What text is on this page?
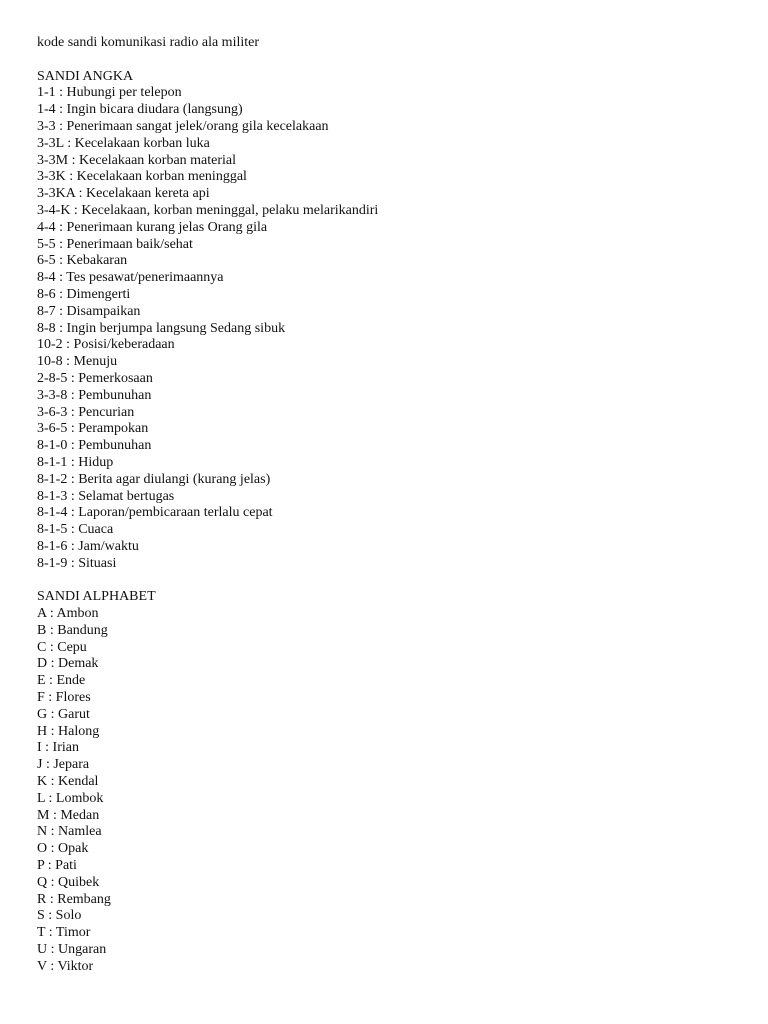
kode sandi komunikasi radio ala militer
SANDI ANGKA
1-1 : Hubungi per telepon
1-4 : Ingin bicara diudara (langsung)
3-3 : Penerimaan sangat jelek/orang gila kecelakaan
3-3L : Kecelakaan korban luka
3-3M : Kecelakaan korban material
3-3K : Kecelakaan korban meninggal
3-3KA : Kecelakaan kereta api
3-4-K : Kecelakaan, korban meninggal, pelaku melarikandiri
4-4 : Penerimaan kurang jelas Orang gila
5-5 : Penerimaan baik/sehat
6-5 : Kebakaran
8-4 : Tes pesawat/penerimaannya
8-6 : Dimengerti
8-7 : Disampaikan
8-8 : Ingin berjumpa langsung Sedang sibuk
10-2 : Posisi/keberadaan
10-8 : Menuju
2-8-5 : Pemerkosaan
3-3-8 : Pembunuhan
3-6-3 : Pencurian
3-6-5 : Perampokan
8-1-0 : Pembunuhan
8-1-1 : Hidup
8-1-2 : Berita agar diulangi (kurang jelas)
8-1-3 : Selamat bertugas
8-1-4 : Laporan/pembicaraan terlalu cepat
8-1-5 : Cuaca
8-1-6 : Jam/waktu
8-1-9 : Situasi
SANDI ALPHABET
A : Ambon
B : Bandung
C : Cepu
D : Demak
E : Ende
F : Flores
G : Garut
H : Halong
I : Irian
J : Jepara
K : Kendal
L : Lombok
M : Medan
N : Namlea
O : Opak
P : Pati
Q : Quibek
R : Rembang
S : Solo
T : Timor
U : Ungaran
V : Viktor
